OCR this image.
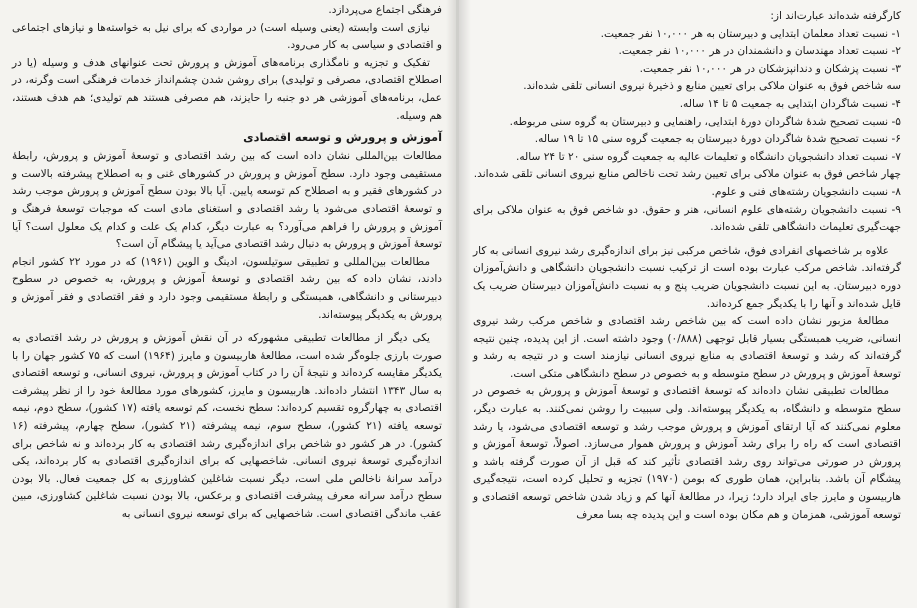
فرهنگی اجتماع می‌پردازد.

نیازی است وابسته (یعنی وسیله است) در مواردی که برای نیل به خواسته‌ها و نیازهای اجتماعی و اقتصادی و سیاسی به کار می‌رود.

تفکیک و تجزیه و نامگذاری برنامه‌های آموزش و پرورش تحت عنوانهای هدف و وسیله (یا در اصطلاح اقتصادی، مصرفی و تولیدی) برای روشن شدن چشم‌انداز خدمات فرهنگی است وگرنه، در عمل، برنامه‌های آموزشی هر دو جنبه را حایزند، هم مصرفی هستند هم تولیدی؛ هم هدف هستند، هم وسیله.

آموزش و پرورش و توسعه اقتصادی

مطالعات بین‌المللی نشان داده است که بین رشد اقتصادی و توسعهٔ آموزش و پرورش، رابطهٔ مستقیمی وجود دارد. سطح آموزش و پرورش در کشورهای غنی و به اصطلاح پیشرفته بالاست و در کشورهای فقیر و به اصطلاح کم توسعه پایین. آیا بالا بودن سطح آموزش و پرورش موجب رشد و توسعهٔ اقتصادی می‌شود یا رشد اقتصادی و استغنای مادی است که موجبات توسعهٔ فرهنگ و آموزش و پرورش را فراهم می‌آورد؟ به عبارت دیگر، کدام یک علت و کدام یک معلول است؟ آیا توسعهٔ آموزش و پرورش به دنبال رشد اقتصادی می‌آید یا پیشگام آن است؟

مطالعات بین‌المللی و تطبیقی سوتیلسون، ادینگ و الوین (۱۹۶۱) که در مورد ۲۲ کشور انجام دادند، نشان داده که بین رشد اقتصادی و توسعهٔ آموزش و پرورش، به خصوص در سطوح دبیرستانی و دانشگاهی، همبستگی و رابطهٔ مستقیمی وجود دارد و فقر اقتصادی و فقر آموزش و پرورش به یکدیگر پیوسته‌اند.

یکی دیگر از مطالعات تطبیقی مشهورکه در آن نقش آموزش و پرورش در رشد اقتصادی به صورت بارزی جلوه‌گر شده است، مطالعهٔ هاربیسون و مایرز (۱۹۶۴) است که ۷۵ کشور جهان را با یکدیگر مقایسه کرده‌اند و نتیجهٔ آن را در کتاب آموزش و پرورش، نیروی انسانی، و توسعه اقتصادی به سال ۱۳۴۳ انتشار داده‌اند. هاربیسون و مایرز، کشورهای مورد مطالعهٔ خود را از نظر پیشرفت اقتصادی به چهارگروه تقسیم کرده‌اند: سطح نخست، کم توسعه یافته (۱۷ کشور)، سطح دوم، نیمه توسعه یافته (۲۱ کشور)، سطح سوم، نیمه پیشرفته (۲۱ کشور)، سطح چهارم، پیشرفته (۱۶ کشور). در هر کشور دو شاخص برای اندازه‌گیری رشد اقتصادی به کار برده‌اند و نه شاخص برای اندازه‌گیری توسعهٔ نیروی انسانی. شاخصهایی که برای اندازه‌گیری اقتصادی به کار برده‌اند، یکی درآمد سرانهٔ ناخالص ملی است، دیگر نسبت شاغلین کشاورزی به کل جمعیت فعال. بالا بودن سطح درآمد سرانه معرف پیشرفت اقتصادی و برعکس، بالا بودن نسبت شاغلین کشاورزی، مبین عقب ماندگی اقتصادی است. شاخصهایی که برای توسعه نیروی انسانی به

کارگرفته شده‌اند عبارت‌اند از:

۱- نسبت تعداد معلمان ابتدایی و دبیرستان به هر ۱۰,۰۰۰ نفر جمعیت.
۲- نسبت تعداد مهندسان و دانشمندان در هر ۱۰,۰۰۰ نفر جمعیت.
۳- نسبت پزشکان و دندانپزشکان در هر ۱۰,۰۰۰ نفر جمعیت.
سه شاخص فوق به عنوان ملاکی برای تعیین منابع و ذخیرهٔ نیروی انسانی تلقی شده‌اند.
۴- نسبت شاگردان ابتدایی به جمعیت ۵ تا ۱۴ ساله.
۵- نسبت تصحیح شدهٔ شاگردان دورهٔ ابتدایی، راهنمایی و دبیرستان به گروه سنی مربوطه.
۶- نسبت تصحیح شدهٔ شاگردان دورهٔ دبیرستان به جمعیت گروه سنی ۱۵ تا ۱۹ ساله.
۷- نسبت تعداد دانشجویان دانشگاه و تعلیمات عالیه به جمعیت گروه سنی ۲۰ تا ۲۴ ساله.
چهار شاخص فوق به عنوان ملاکی برای تعیین رشد تحت ناخالص منابع نیروی انسانی تلقی شده‌اند.
۸- نسبت دانشجویان رشته‌های فنی و علوم.
۹- نسبت دانشجویان رشته‌های علوم انسانی، هنر و حقوق. دو شاخص فوق به عنوان ملاکی برای جهت‌گیری تعلیمات دانشگاهی تلقی شده‌اند.

علاوه بر شاخصهای انفرادی فوق، شاخص مرکبی نیز برای اندازه‌گیری رشد نیروی انسانی به کار گرفته‌اند. شاخص مرکب عبارت بوده است از ترکیب نسبت دانشجویان دانشگاهی و دانش‌آموزان دوره دبیرستان. به این نسبت دانشجویان ضریب پنج و به نسبت دانش‌آموزان دبیرستان ضریب یک قایل شده‌اند و آنها را با یکدیگر جمع کرده‌اند.

مطالعهٔ مزبور نشان داده است که بین شاخص رشد اقتصادی و شاخص مرکب رشد نیروی انسانی، ضریب همبستگی بسیار قابل توجهی (۰/۸۸۸) وجود داشته است. از این پدیده، چنین نتیجه گرفته‌اند که رشد و توسعهٔ اقتصادی به منابع نیروی انسانی نیازمند است و در نتیجه به رشد و توسعهٔ آموزش و پرورش در سطح متوسطه و به خصوص در سطح دانشگاهی متکی است.

مطالعات تطبیقی نشان داده‌اند که توسعهٔ اقتصادی و توسعهٔ آموزش و پرورش به خصوص در سطح متوسطه و دانشگاه، به یکدیگر پیوسته‌اند. ولی سببیت را روشن نمی‌کنند. به عبارت دیگر، معلوم نمی‌کنند که آیا ارتقای آموزش و پرورش موجب رشد و توسعه اقتصادی می‌شود، یا رشد اقتصادی است که راه را برای رشد آموزش و پرورش هموار می‌سازد. اصولاً، توسعهٔ آموزش و پرورش در صورتی می‌تواند روی رشد اقتصادی تأثیر کند که قبل از آن صورت گرفته باشد و پیشگام آن باشد. بنابراین، همان طوری که بومن (۱۹۷۰) تجزیه و تحلیل کرده است، نتیجه‌گیری هاربیسون و مایرز جای ایراد دارد؛ زیرا، در مطالعهٔ آنها کم و زیاد شدن شاخص توسعه اقتصادی و توسعه آموزشی، همزمان و هم مکان بوده است و این پدیده چه بسا معرف
